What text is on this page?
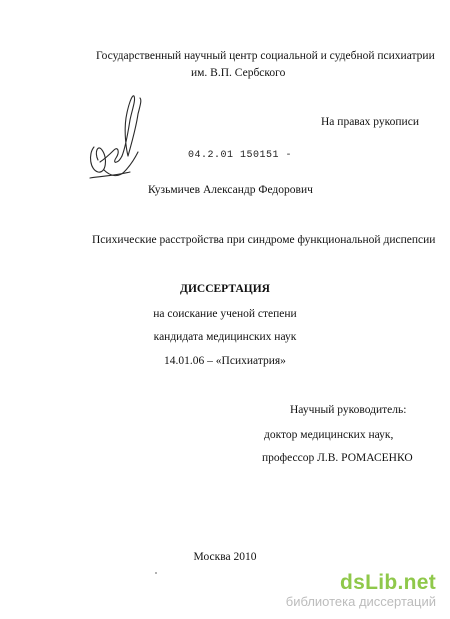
Государственный научный центр социальной и судебной психиатрии
им. В.П. Сербского
На правах рукописи
04.2.01 150151 -
Кузьмичев Александр Федорович
Психические расстройства при синдроме функциональной диспепсии
ДИССЕРТАЦИЯ
на соискание ученой степени
кандидата медицинских наук
14.01.06 – «Психиатрия»
Научный руководитель:
доктор медицинских наук,
профессор Л.В. РОМАСЕНКО
Москва 2010
dsLib.net
библиотека диссертаций
